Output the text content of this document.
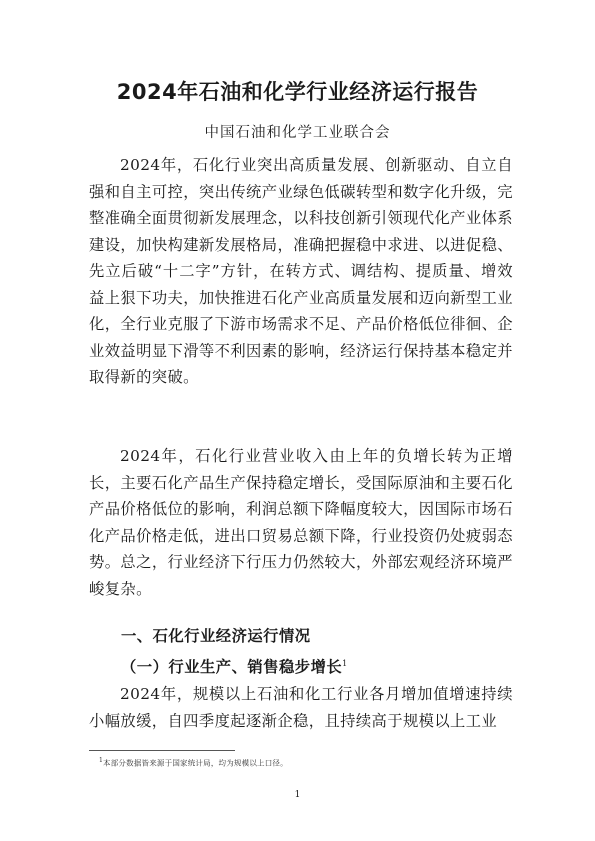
2024年石油和化学行业经济运行报告

中国石油和化学工业联合会

2024年，石化行业突出高质量发展、创新驱动、自立自强和自主可控，突出传统产业绿色低碳转型和数字化升级，完整准确全面贯彻新发展理念，以科技创新引领现代化产业体系建设，加快构建新发展格局，准确把握稳中求进、以进促稳、先立后破“十二字”方针，在转方式、调结构、提质量、增效益上狠下功夫，加快推进石化产业高质量发展和迈向新型工业化，全行业克服了下游市场需求不足、产品价格低位徘徊、企业效益明显下滑等不利因素的影响，经济运行保持基本稳定并取得新的突破。

2024年，石化行业营业收入由上年的负增长转为正增长，主要石化产品生产保持稳定增长，受国际原油和主要石化产品价格低位的影响，利润总额下降幅度较大，因国际市场石化产品价格走低，进出口贸易总额下降，行业投资仍处疲弱态势。总之，行业经济下行压力仍然较大，外部宏观经济环境严峻复杂。

一、石化行业经济运行情况
（一）行业生产、销售稳步增长$^1$

2024年，规模以上石油和化工行业各月增加值增速持续小幅放缓，自四季度起逐渐企稳，且持续高于规模以上工业

$^1$本部分数据皆来源于国家统计局，均为规模以上口径。

1
